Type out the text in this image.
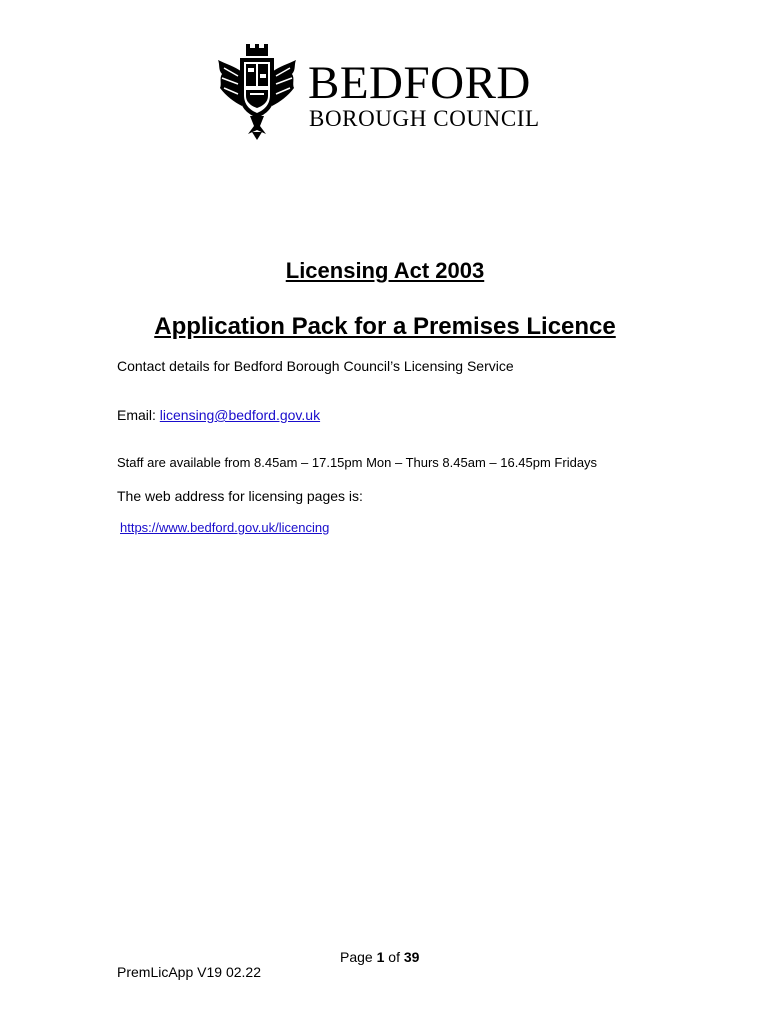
BEDFORD
BOROUGH COUNCIL
Licensing Act 2003
Application Pack for a Premises Licence
Contact details for Bedford Borough Council’s Licensing Service
Email: licensing@bedford.gov.uk
Staff are available from 8.45am – 17.15pm Mon – Thurs 8.45am – 16.45pm Fridays
The web address for licensing pages is:
https://www.bedford.gov.uk/licencing
Page 1 of 39
PremLicApp V19 02.22
